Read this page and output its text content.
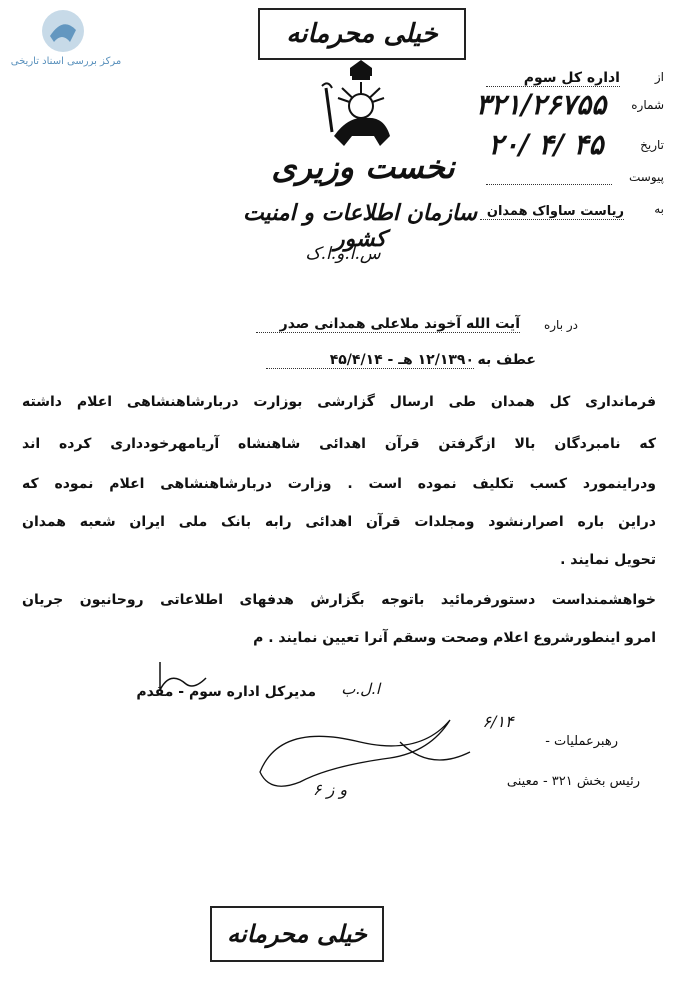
مرکز بررسی اسناد تاریخی
خیلی محرمانه
نخست وزیری
سازمان اطلاعات و امنیت کشور
س.ا.و.ا.ک
از
اداره کل سوم
شماره
۳۲۱/۲۶۷۵۵
تاریخ
۲۰/ ۴/ ۴۵
پیوست
به
ریاست ساواک همدان
در باره
آیت الله آخوند ملاعلی همدانی صدر
عطف به
۱۲/۱۳۹۰ هـ - ۴۵/۴/۱۴
فرمانداری کل همدان طی ارسال گزارشی بوزارت دربارشاهنشاهی اعلام داشته
که نامبردگان بالا ازگرفتن قرآن اهدائی شاهنشاه آریامهرخودداری کرده اند
ودراینمورد کسب تکلیف نموده است . وزارت دربارشاهنشاهی اعلام نموده که
دراین باره اصرارنشود ومجلدات قرآن اهدائی رابه بانک ملی ایران شعبه همدان
تحویل نمایند .
خواهشمنداست دستورفرمائید باتوجه بگزارش هدفهای اطلاعاتی روحانیون جریان
امرو اینطورشروع اعلام وصحت وسقم آنرا تعیین نمایند . م
ا.ل.ب
مدیرکل اداره سوم - مقدم
۶/۱۴
رهبرعملیات -
رئیس بخش ۳۲۱ - معینی
و ز ۶
خیلی محرمانه
